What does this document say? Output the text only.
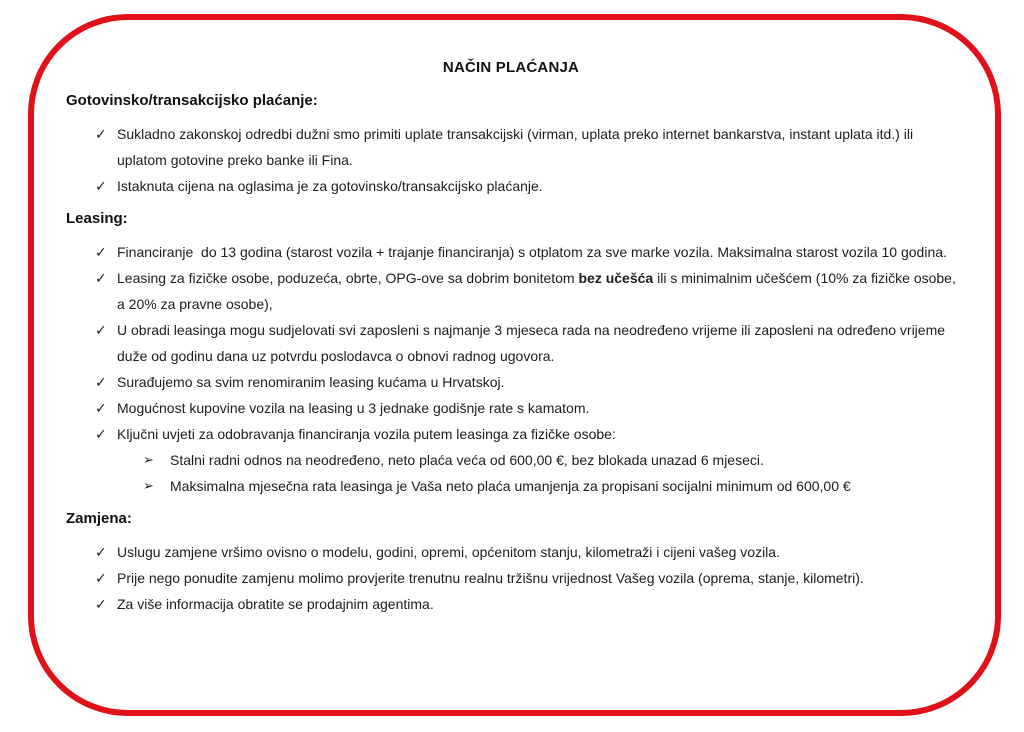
NAČIN PLAĆANJA
Gotovinsko/transakcijsko plaćanje:
✓ Sukladno zakonskoj odredbi dužni smo primiti uplate transakcijski (virman, uplata preko internet bankarstva, instant uplata itd.) ili uplatom gotovine preko banke ili Fina.
✓ Istaknuta cijena na oglasima je za gotovinsko/transakcijsko plaćanje.
Leasing:
✓ Financiranje  do 13 godina (starost vozila + trajanje financiranja) s otplatom za sve marke vozila. Maksimalna starost vozila 10 godina.
✓ Leasing za fizičke osobe, poduzeća, obrte, OPG-ove sa dobrim bonitetom bez učešća ili s minimalnim učešćem (10% za fizičke osobe, a 20% za pravne osobe),
✓ U obradi leasinga mogu sudjelovati svi zaposleni s najmanje 3 mjeseca rada na neodređeno vrijeme ili zaposleni na određeno vrijeme duže od godinu dana uz potvrdu poslodavca o obnovi radnog ugovora.
✓ Surađujemo sa svim renomiranim leasing kućama u Hrvatskoj.
✓ Mogućnost kupovine vozila na leasing u 3 jednake godišnje rate s kamatom.
✓ Ključni uvjeti za odobravanja financiranja vozila putem leasinga za fizičke osobe:
➢	Stalni radni odnos na neodređeno, neto plaća veća od 600,00 €, bez blokada unazad 6 mjeseci.
➢	Maksimalna mjesečna rata leasinga je Vaša neto plaća umanjenja za propisani socijalni minimum od 600,00 €
Zamjena:
✓ Uslugu zamjene vršimo ovisno o modelu, godini, opremi, općenitom stanju, kilometraži i cijeni vašeg vozila.
✓ Prije nego ponudite zamjenu molimo provjerite trenutnu realnu tržišnu vrijednost Vašeg vozila (oprema, stanje, kilometri).
✓ Za više informacija obratite se prodajnim agentima.
